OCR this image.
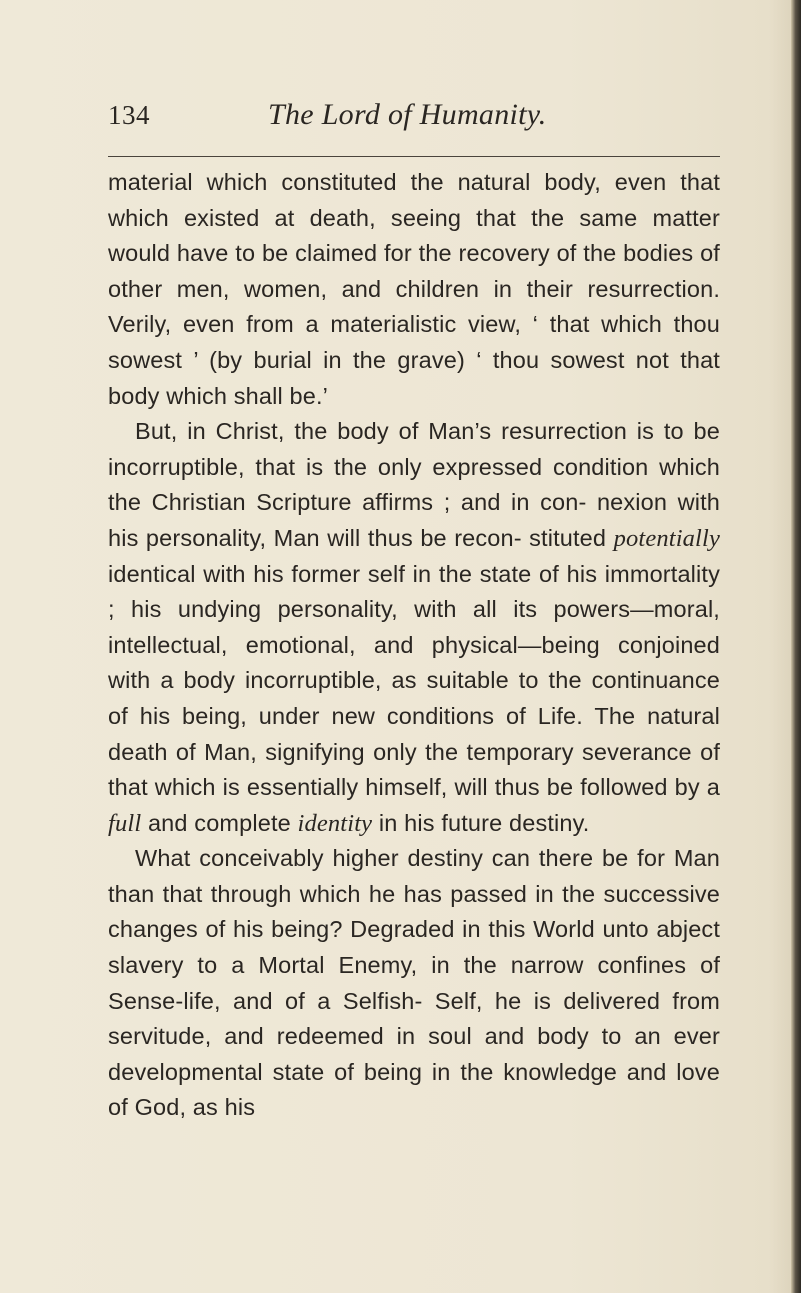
134	The Lord of Humanity.

material which constituted the natural body, even that which existed at death, seeing that the same matter would have to be claimed for the recovery of the bodies of other men, women, and children in their resurrection. Verily, even from a materialistic view, ‘ that which thou sowest ’ (by burial in the grave) ‘ thou sowest not that body which shall be.’

But, in Christ, the body of Man’s resurrection is to be incorruptible, that is the only expressed condition which the Christian Scripture affirms ; and in con- nexion with his personality, Man will thus be recon- stituted potentially identical with his former self in the state of his immortality ; his undying personality, with all its powers—moral, intellectual, emotional, and physical—being conjoined with a body incorruptible, as suitable to the continuance of his being, under new conditions of Life. The natural death of Man, signifying only the temporary severance of that which is essentially himself, will thus be followed by a full and complete identity in his future destiny.

What conceivably higher destiny can there be for Man than that through which he has passed in the successive changes of his being? Degraded in this World unto abject slavery to a Mortal Enemy, in the narrow confines of Sense-life, and of a Selfish- Self, he is delivered from servitude, and redeemed in soul and body to an ever developmental state of being in the knowledge and love of God, as his
